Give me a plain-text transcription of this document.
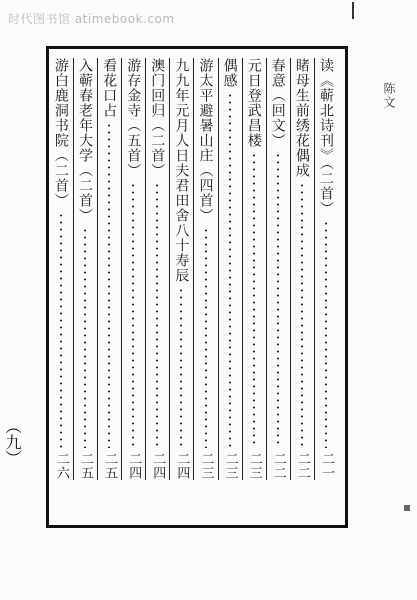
时代图书馆 atimebook.com
陈文
（九）
读《蕲北诗刊》（二首）
二一
睹母生前绣花偶成
二二
春意（回文）
二二
元日登武昌楼
二三
偶感
二三
游太平避暑山庄（四首）
二三
九九年元月人日夫君田舍八十寿辰
二四
澳门回归（二首）
二四
游存金寺（五首）
二四
看花口占
二五
入蕲春老年大学（二首）
二五
游白鹿洞书院（二首）
二六
